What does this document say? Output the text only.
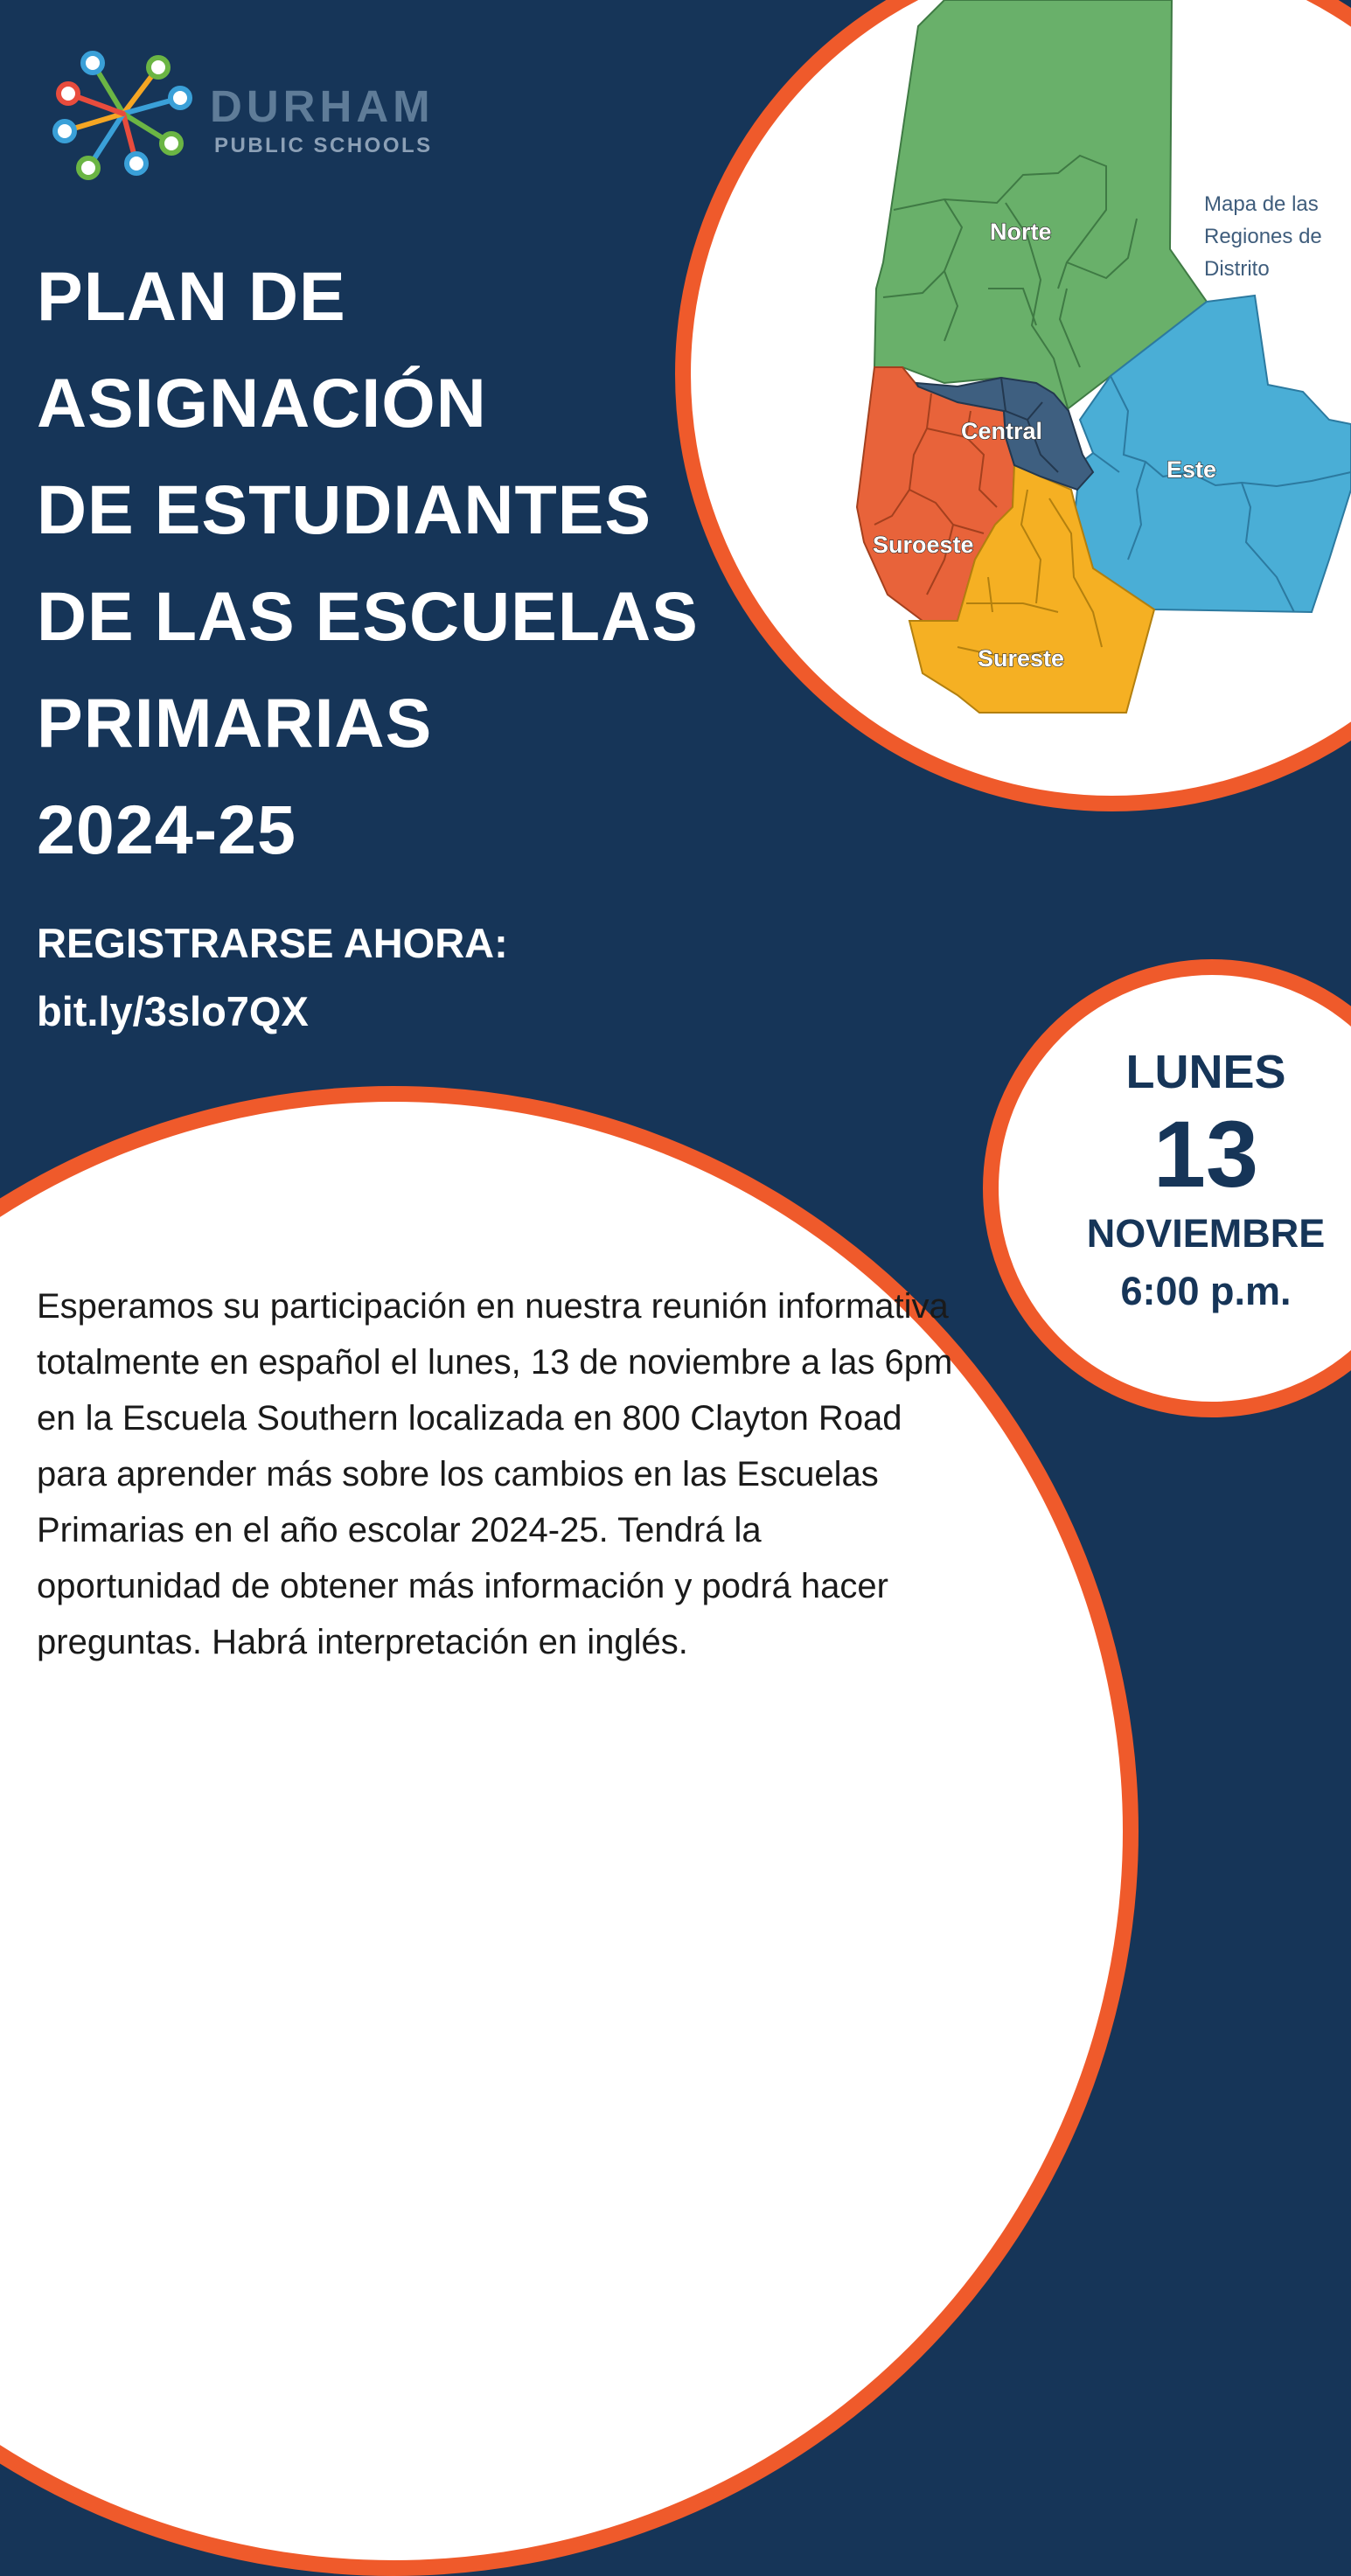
Norte
Central
Este
Suroeste
Sureste

Mapa de las
Regiones de
Distrito

DURHAM

PUBLIC SCHOOLS

PLAN DE
ASIGNACIÓN
DE ESTUDIANTES
DE LAS ESCUELAS
PRIMARIAS
2024-25

REGISTRARSE AHORA:

bit.ly/3slo7QX

Esperamos su participación en nuestra reunión informativa totalmente en español el lunes, 13 de noviembre a las 6pm en la Escuela Southern localizada en 800 Clayton Road para aprender más sobre los cambios en las Escuelas Primarias en el año escolar 2024-25. Tendrá la oportunidad de obtener más información y podrá hacer preguntas. Habrá interpretación en inglés.

LUNES

13

NOVIEMBRE

6:00 p.m.
